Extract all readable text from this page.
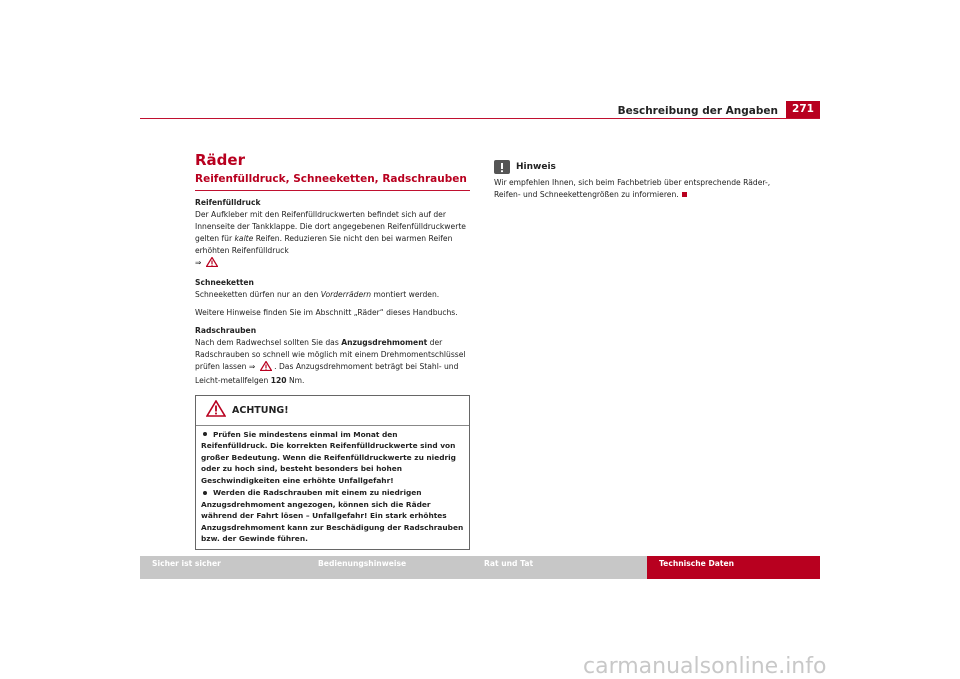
Beschreibung der Angaben	271
Räder
Reifenfülldruck, Schneeketten, Radschrauben
Reifenfülldruck

Der Aufkleber mit den Reifenfülldruckwerten befindet sich auf der Innenseite der Tankklappe. Die dort angegebenen Reifenfülldruckwerte gelten für kalte Reifen. Reduzieren Sie nicht den bei warmen Reifen erhöhten Reifenfülldruck
⇒

Schneeketten

Schneeketten dürfen nur an den Vorderrädern montiert werden.

Weitere Hinweise finden Sie im Abschnitt „Räder“ dieses Handbuchs.

Radschrauben

Nach dem Radwechsel sollten Sie das Anzugsdrehmoment der Radschrauben so schnell wie möglich mit einem Drehmomentschlüssel prüfen lassen ⇒  . Das Anzugsdrehmoment beträgt bei Stahl- und Leicht-metallfelgen 120 Nm.

ACHTUNG!
Prüfen Sie mindestens einmal im Monat den Reifenfülldruck. Die korrekten Reifenfülldruckwerte sind von großer Bedeutung. Wenn die Reifenfülldruckwerte zu niedrig oder zu hoch sind, besteht besonders bei hohen Geschwindigkeiten eine erhöhte Unfallgefahr!
Werden die Radschrauben mit einem zu niedrigen Anzugsdrehmoment angezogen, können sich die Räder während der Fahrt lösen – Unfallgefahr! Ein stark erhöhtes Anzugsdrehmoment kann zur Beschädigung der Radschrauben bzw. der Gewinde führen.
Hinweis

Wir empfehlen Ihnen, sich beim Fachbetrieb über entsprechende Räder-, Reifen- und Schneekettengrößen zu informieren.

Sicher ist sicher	Bedienungshinweise	Rat und Tat	Technische Daten
carmanualsonline.info
